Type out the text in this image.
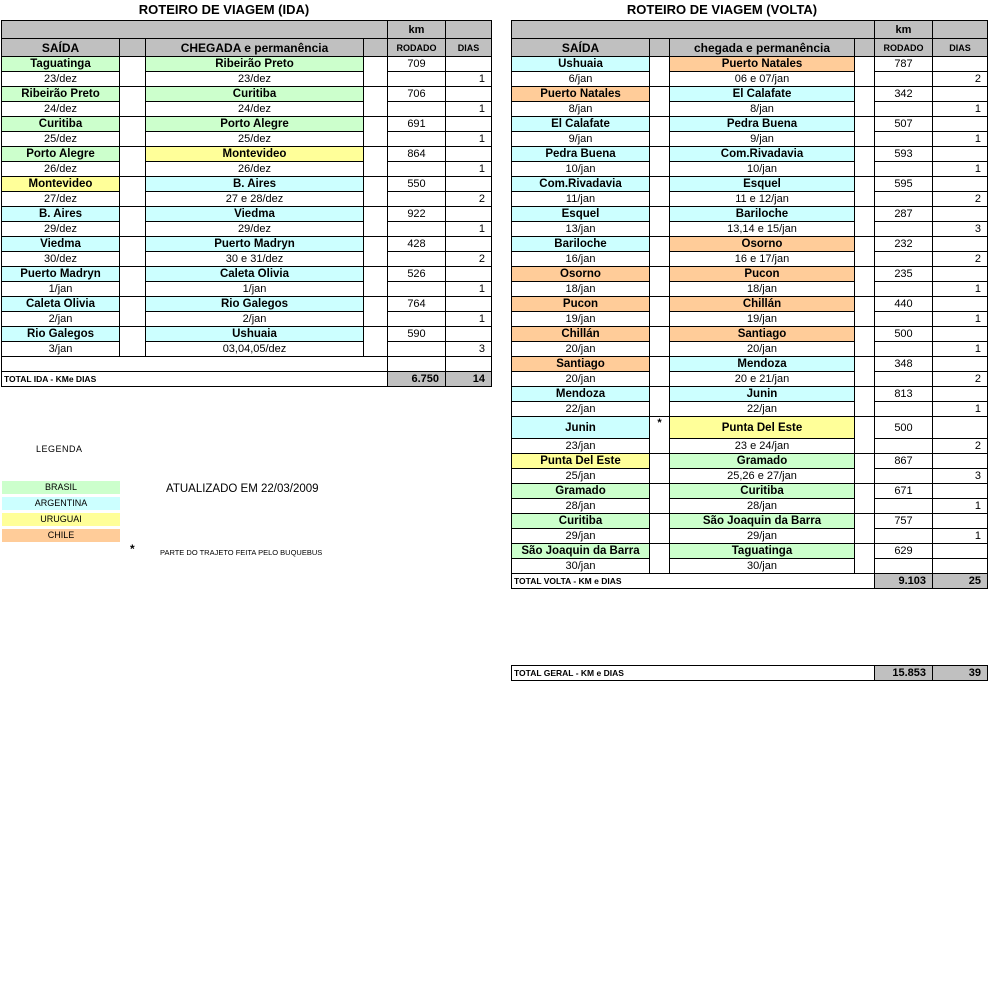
ROTEIRO DE VIAGEM (IDA)	ROTEIRO DE VIAGEM (VOLTA)
				km	
SAÍDA		CHEGADA e permanência		RODADO	DIAS
Taguatinga		Ribeirão Preto		709	
23/dez		23/dez			1
Ribeirão Preto		Curitiba		706	
24/dez		24/dez			1
Curitiba		Porto Alegre		691	
25/dez		25/dez			1
Porto Alegre		Montevideo		864	
26/dez		26/dez			1
Montevideo		B. Aires		550	
27/dez		27 e 28/dez			2
B. Aires		Viedma		922	
29/dez		29/dez			1
Viedma		Puerto Madryn		428	
30/dez		30 e 31/dez			2
Puerto Madryn		Caleta Olivia		526	
1/jan		1/jan			1
Caleta Olivia		Rio Galegos		764	
2/jan		2/jan			1
Rio Galegos		Ushuaia		590	
3/jan		03,04,05/dez			3

TOTAL IDA - KMe DIAS				6.750	14
				km	
SAÍDA		chegada e permanência		RODADO	DIAS
Ushuaia		Puerto Natales		787	
6/jan		06 e 07/jan			2
Puerto Natales		El Calafate		342	
8/jan		8/jan			1
El Calafate		Pedra Buena		507	
9/jan		9/jan			1
Pedra Buena		Com.Rivadavia		593	
10/jan		10/jan			1
Com.Rivadavia		Esquel		595	
11/jan		11 e 12/jan			2
Esquel		Bariloche		287	
13/jan		13,14 e 15/jan			3
Bariloche		Osorno		232	
16/jan		16 e 17/jan			2
Osorno		Pucon		235	
18/jan		18/jan			1
Pucon		Chillán		440	
19/jan		19/jan			1
Chillán		Santiago		500	
20/jan		20/jan			1
Santiago		Mendoza		348	
20/jan		20 e 21/jan			2
Mendoza		Junin		813	
22/jan		22/jan			1
Junin	*	Punta Del Este		500	
23/jan		23 e 24/jan			2
Punta Del Este		Gramado		867	
25/jan		25,26 e 27/jan			3
Gramado		Curitiba		671	
28/jan		28/jan			1
Curitiba		São Joaquin da Barra		757	
29/jan		29/jan			1
São Joaquin da Barra		Taguatinga		629	
30/jan		30/jan			
TOTAL VOLTA - KM e DIAS				9.103	25
TOTAL GERAL - KM e DIAS	15.853	39
LEGENDA
BRASIL
ARGENTINA
URUGUAI
CHILE
ATUALIZADO EM 22/03/2009
*	PARTE DO TRAJETO FEITA PELO BUQUEBUS
